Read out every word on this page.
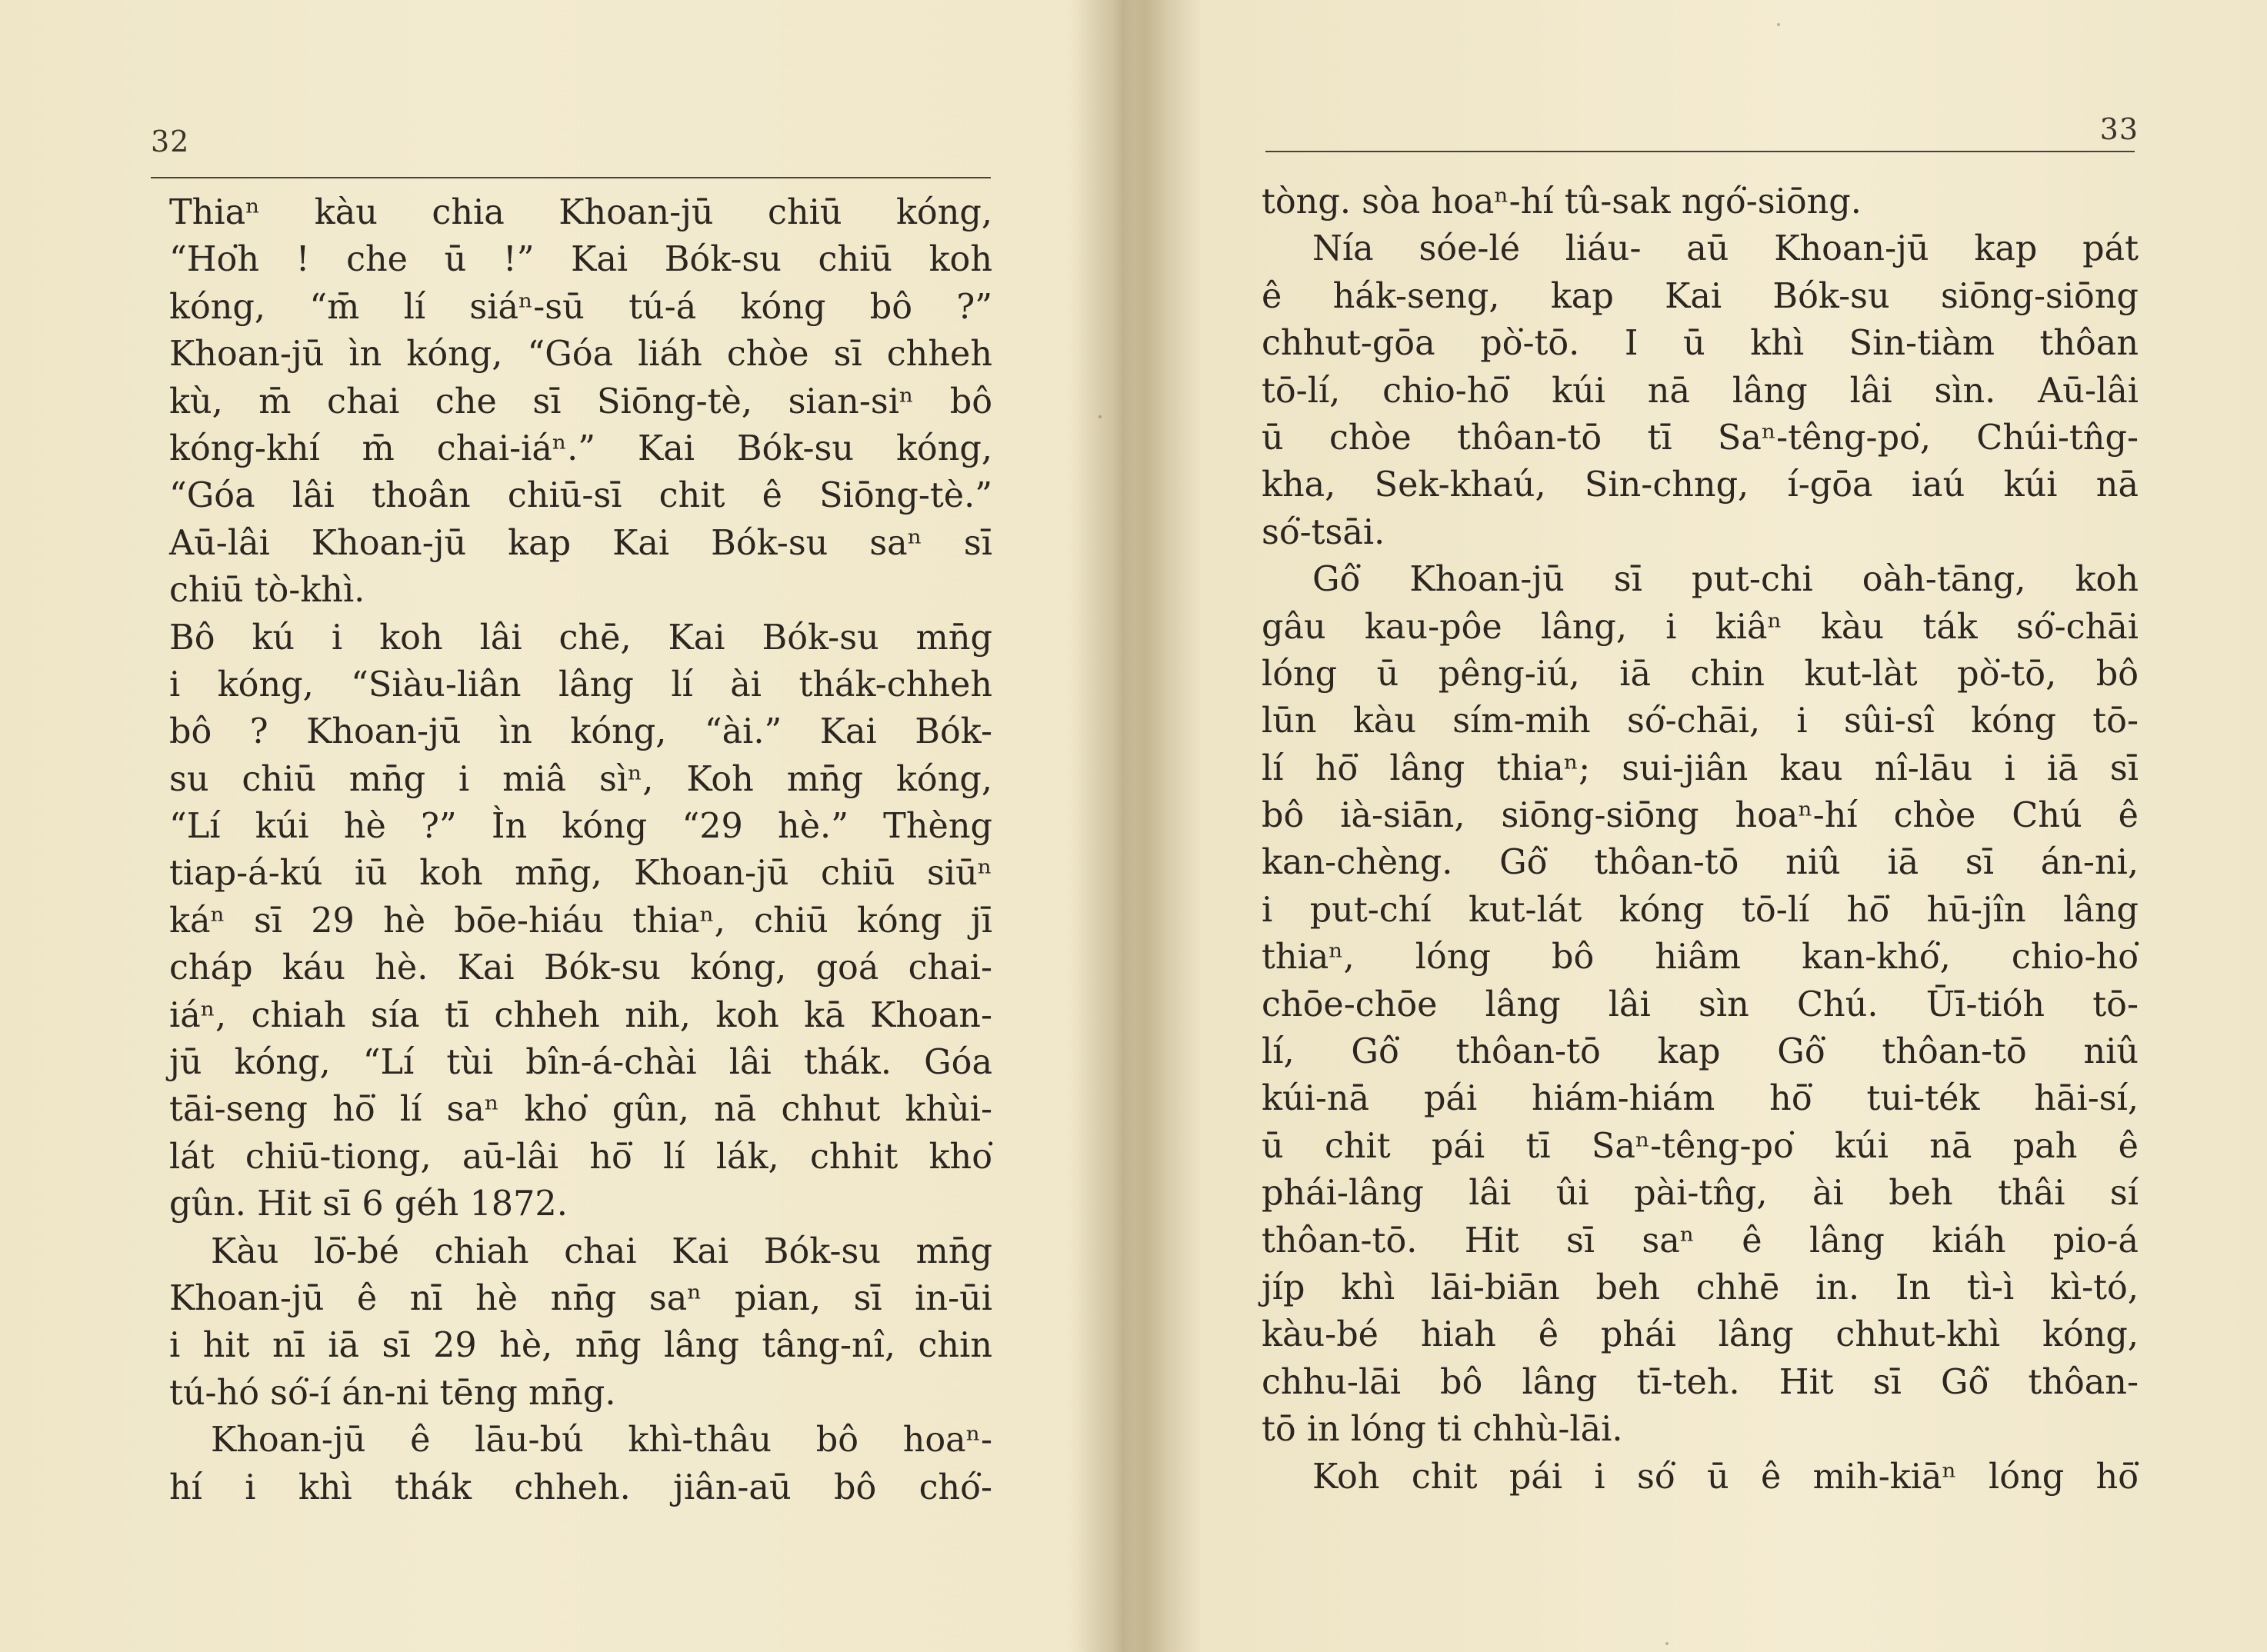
32
Thiaⁿ kàu chia Khoan-jū chiū kóng,
“Ho͘h ! che ū !” Kai Bók-su chiū koh
kóng, “m̄ lí siáⁿ-sū tú-á kóng bô ?”
Khoan-jū ìn kóng, “Góa liáh chòe sī chheh
kù, m̄ chai che sī Siōng-tè, sian-siⁿ bô
kóng-khí m̄ chai-iáⁿ.” Kai Bók-su kóng,
“Góa lâi thoân chiū-sī chit ê Siōng-tè.”
Aū-lâi Khoan-jū kap Kai Bók-su saⁿ sī
chiū tò-khì.
Bô kú i koh lâi chē, Kai Bók-su mn̄g
i kóng, “Siàu-liân lâng lí ài thák-chheh
bô ? Khoan-jū ìn kóng, “ài.” Kai Bók-
su chiū mn̄g i miâ sìⁿ, Koh mn̄g kóng,
“Lí kúi hè ?” Ìn kóng “29 hè.” Thèng
tiap-á-kú iū koh mn̄g, Khoan-jū chiū siūⁿ
káⁿ sī 29 hè bōe-hiáu thiaⁿ, chiū kóng jī
cháp káu hè. Kai Bók-su kóng, goá chai-
iáⁿ, chiah sía tī chheh nih, koh kā Khoan-
jū kóng, “Lí tùi bîn-á-chài lâi thák. Góa
tāi-seng hō͘ lí saⁿ kho͘ gûn, nā chhut khùi-
lát chiū-tiong, aū-lâi hō͘ lí lák, chhit kho͘
gûn. Hit sī 6 géh 1872.
Kàu lō͘-bé chiah chai Kai Bók-su mn̄g
Khoan-jū ê nī hè nn̄g saⁿ pian, sī in-ūi
i hit nī iā sī 29 hè, nn̄g lâng tâng-nî, chin
tú-hó só͘-í án-ni tēng mn̄g.
Khoan-jū ê lāu-bú khì-thâu bô hoaⁿ-
hí i khì thák chheh. jiân-aū bô chó͘-
33
tòng. sòa hoaⁿ-hí tû-sak ngó͘-siōng.
Nía sóe-lé liáu- aū Khoan-jū kap pát
ê hák-seng, kap Kai Bók-su siōng-siōng
chhut-gōa pò͘-tō. I ū khì Sin-tiàm thôan
tō-lí, chio-hō͘ kúi nā lâng lâi sìn. Aū-lâi
ū chòe thôan-tō tī Saⁿ-têng-po͘, Chúi-tn̂g-
kha, Sek-khaú, Sin-chng, í-gōa iaú kúi nā
só͘-tsāi.
Gô͘ Khoan-jū sī put-chi oàh-tāng, koh
gâu kau-pôe lâng, i kiâⁿ kàu ták só͘-chāi
lóng ū pêng-iú, iā chin kut-làt pò͘-tō, bô
lūn kàu sím-mih só͘-chāi, i sûi-sî kóng tō-
lí hō͘ lâng thiaⁿ; sui-jiân kau nî-lāu i iā sī
bô ià-siān, siōng-siōng hoaⁿ-hí chòe Chú ê
kan-chèng. Gô͘ thôan-tō niû iā sī án-ni,
i put-chí kut-lát kóng tō-lí hō͘ hū-jîn lâng
thiaⁿ, lóng bô hiâm kan-khó͘, chio-ho͘
chōe-chōe lâng lâi sìn Chú. Ūī-tióh tō-
lí, Gô͘ thôan-tō kap Gô͘ thôan-tō niû
kúi-nā pái hiám-hiám hō͘ tui-ték hāi-sí,
ū chit pái tī Saⁿ-têng-po͘ kúi nā pah ê
phái-lâng lâi ûi pài-tn̂g, ài beh thâi sí
thôan-tō. Hit sī saⁿ ê lâng kiáh pio-á
jíp khì lāi-biān beh chhē in. In tì-ì kì-tó,
kàu-bé hiah ê phái lâng chhut-khì kóng,
chhu-lāi bô lâng tī-teh. Hit sī Gô͘ thôan-
tō in lóng ti chhù-lāi.
Koh chit pái i só͘ ū ê mih-kiāⁿ lóng hō͘
